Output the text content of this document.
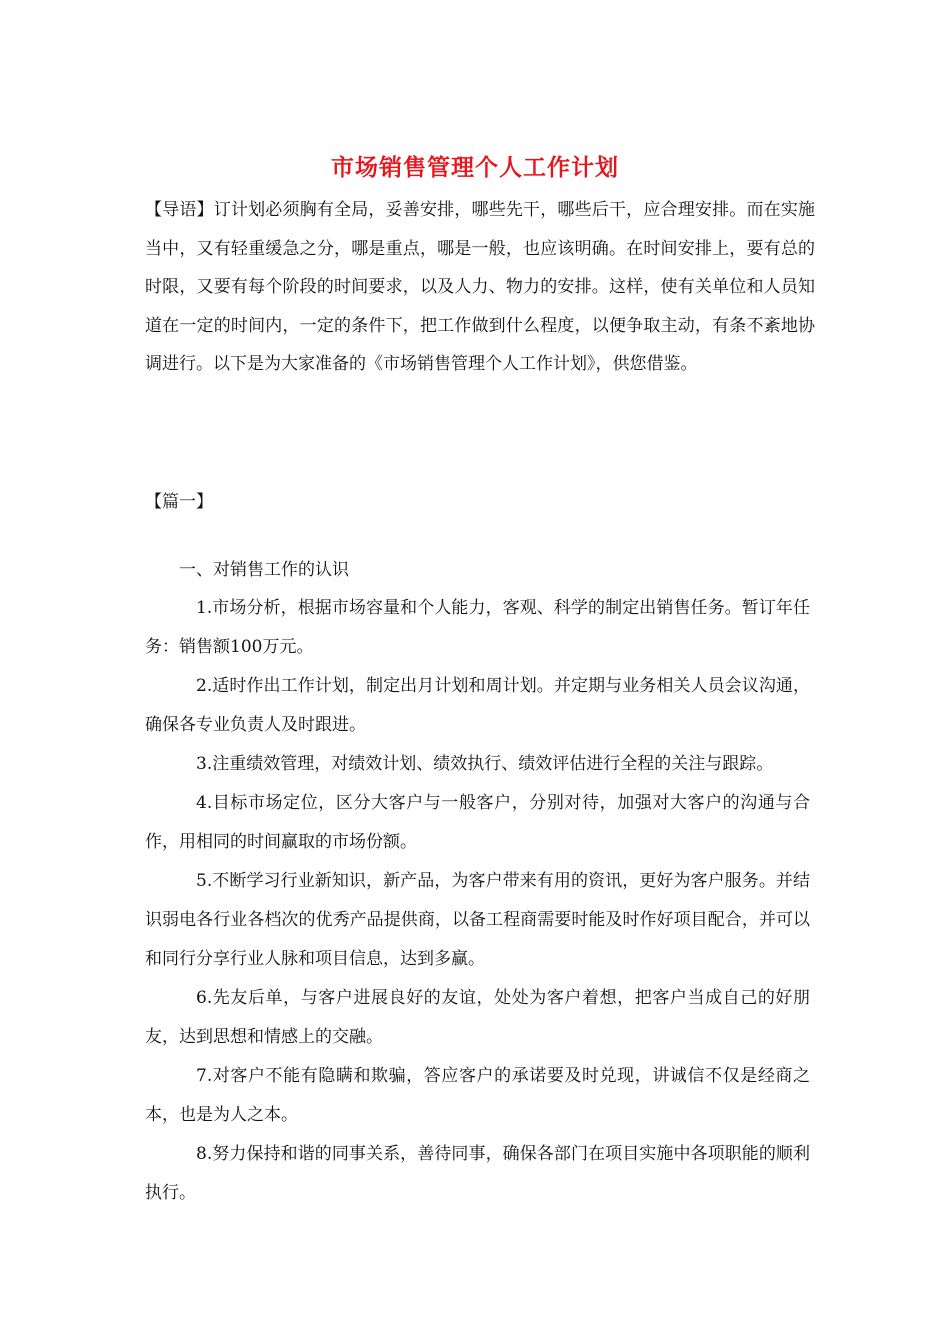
市场销售管理个人工作计划

【导语】订计划必须胸有全局，妥善安排，哪些先干，哪些后干，应合理安排。而在实施当中，又有轻重缓急之分，哪是重点，哪是一般，也应该明确。在时间安排上，要有总的时限，又要有每个阶段的时间要求，以及人力、物力的安排。这样，使有关单位和人员知道在一定的时间内，一定的条件下，把工作做到什么程度，以便争取主动，有条不紊地协调进行。以下是为大家准备的《市场销售管理个人工作计划》，供您借鉴。

【篇一】

一、对销售工作的认识

1.市场分析，根据市场容量和个人能力，客观、科学的制定出销售任务。暂订年任务：销售额100万元。

2.适时作出工作计划，制定出月计划和周计划。并定期与业务相关人员会议沟通，确保各专业负责人及时跟进。

3.注重绩效管理，对绩效计划、绩效执行、绩效评估进行全程的关注与跟踪。

4.目标市场定位，区分大客户与一般客户，分别对待，加强对大客户的沟通与合作，用相同的时间赢取的市场份额。

5.不断学习行业新知识，新产品，为客户带来有用的资讯，更好为客户服务。并结识弱电各行业各档次的优秀产品提供商，以备工程商需要时能及时作好项目配合，并可以和同行分享行业人脉和项目信息，达到多赢。

6.先友后单，与客户进展良好的友谊，处处为客户着想，把客户当成自己的好朋友，达到思想和情感上的交融。

7.对客户不能有隐瞒和欺骗，答应客户的承诺要及时兑现，讲诚信不仅是经商之本，也是为人之本。

8.努力保持和谐的同事关系，善待同事，确保各部门在项目实施中各项职能的顺利执行。
